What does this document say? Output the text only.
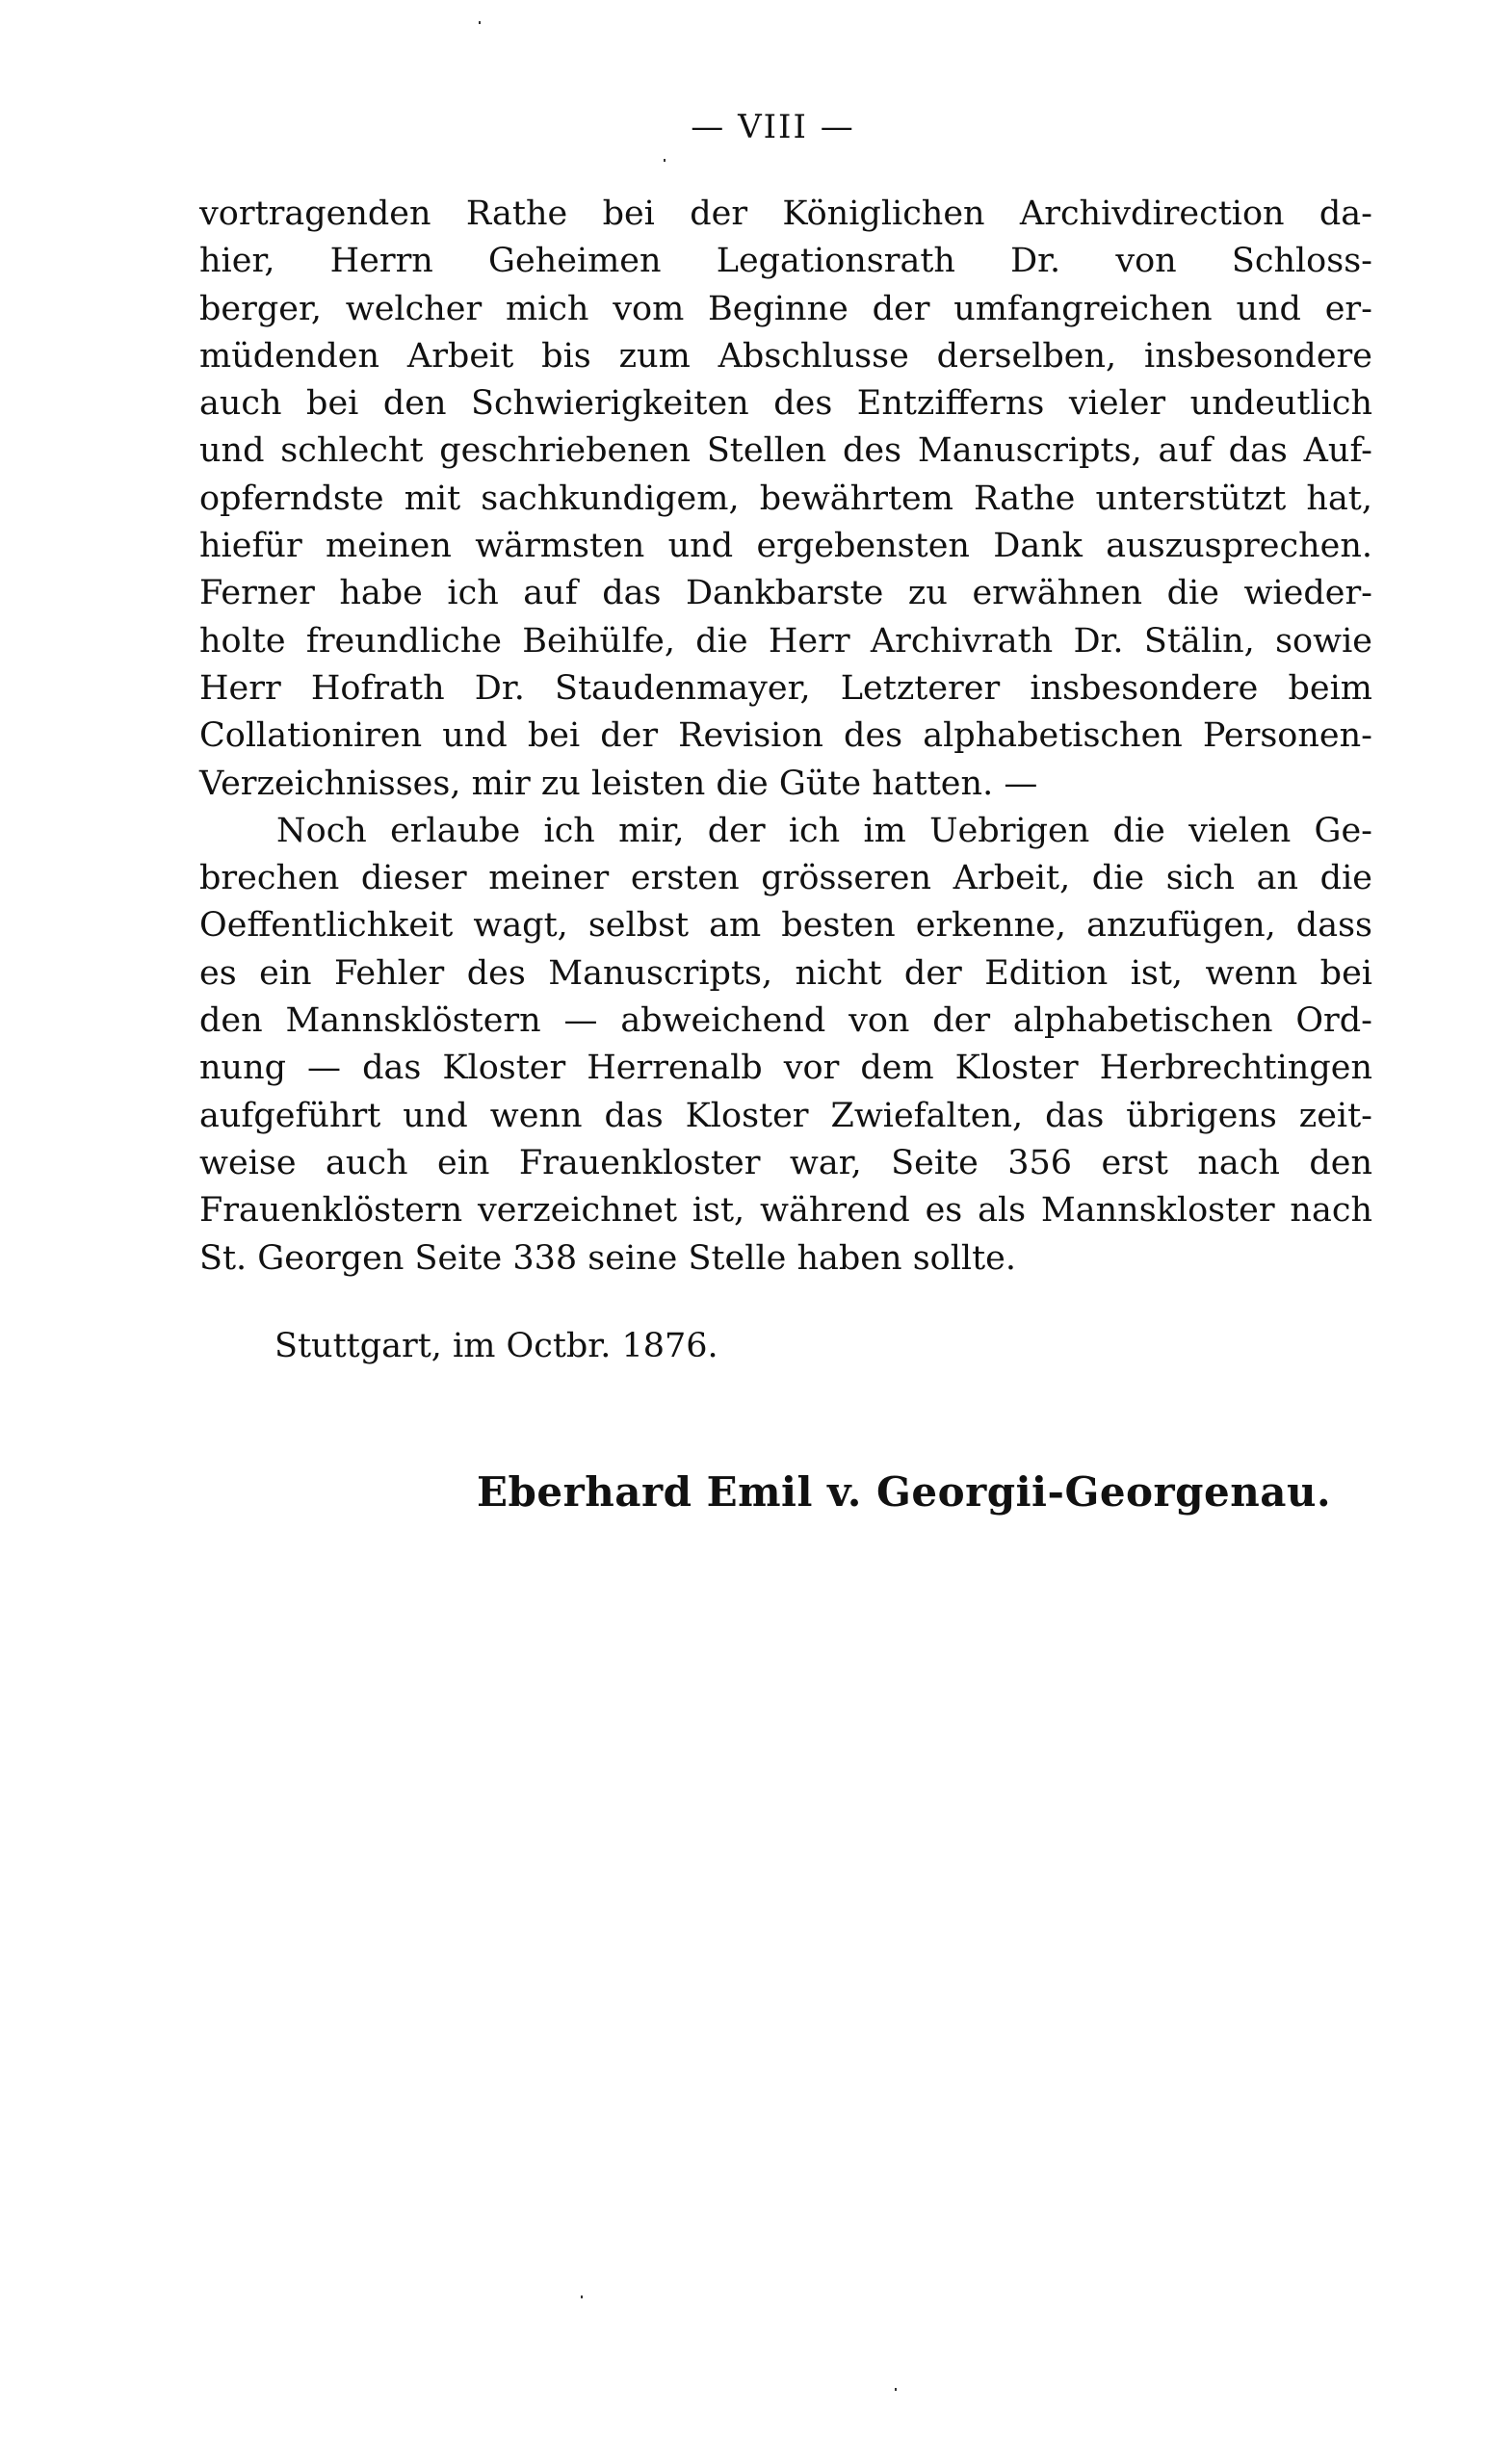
— VIII —
vortragenden Rathe bei der Königlichen Archivdirection da-
hier, Herrn Geheimen Legationsrath Dr. von Schloss-
berger, welcher mich vom Beginne der umfangreichen und er-
müdenden Arbeit bis zum Abschlusse derselben, insbesondere
auch bei den Schwierigkeiten des Entzifferns vieler undeutlich
und schlecht geschriebenen Stellen des Manuscripts, auf das Auf-
opferndste mit sachkundigem, bewährtem Rathe unterstützt hat,
hiefür meinen wärmsten und ergebensten Dank auszusprechen.
Ferner habe ich auf das Dankbarste zu erwähnen die wieder-
holte freundliche Beihülfe, die Herr Archivrath Dr. Stälin, sowie
Herr Hofrath Dr. Staudenmayer, Letzterer insbesondere beim
Collationiren und bei der Revision des alphabetischen Personen-
Verzeichnisses, mir zu leisten die Güte hatten. —
Noch erlaube ich mir, der ich im Uebrigen die vielen Ge-
brechen dieser meiner ersten grösseren Arbeit, die sich an die
Oeffentlichkeit wagt, selbst am besten erkenne, anzufügen, dass
es ein Fehler des Manuscripts, nicht der Edition ist, wenn bei
den Mannsklöstern — abweichend von der alphabetischen Ord-
nung — das Kloster Herrenalb vor dem Kloster Herbrechtingen
aufgeführt und wenn das Kloster Zwiefalten, das übrigens zeit-
weise auch ein Frauenkloster war, Seite 356 erst nach den
Frauenklöstern verzeichnet ist, während es als Mannskloster nach
St. Georgen Seite 338 seine Stelle haben sollte.
Stuttgart, im Octbr. 1876.
Eberhard Emil v. Georgii-Georgenau.
